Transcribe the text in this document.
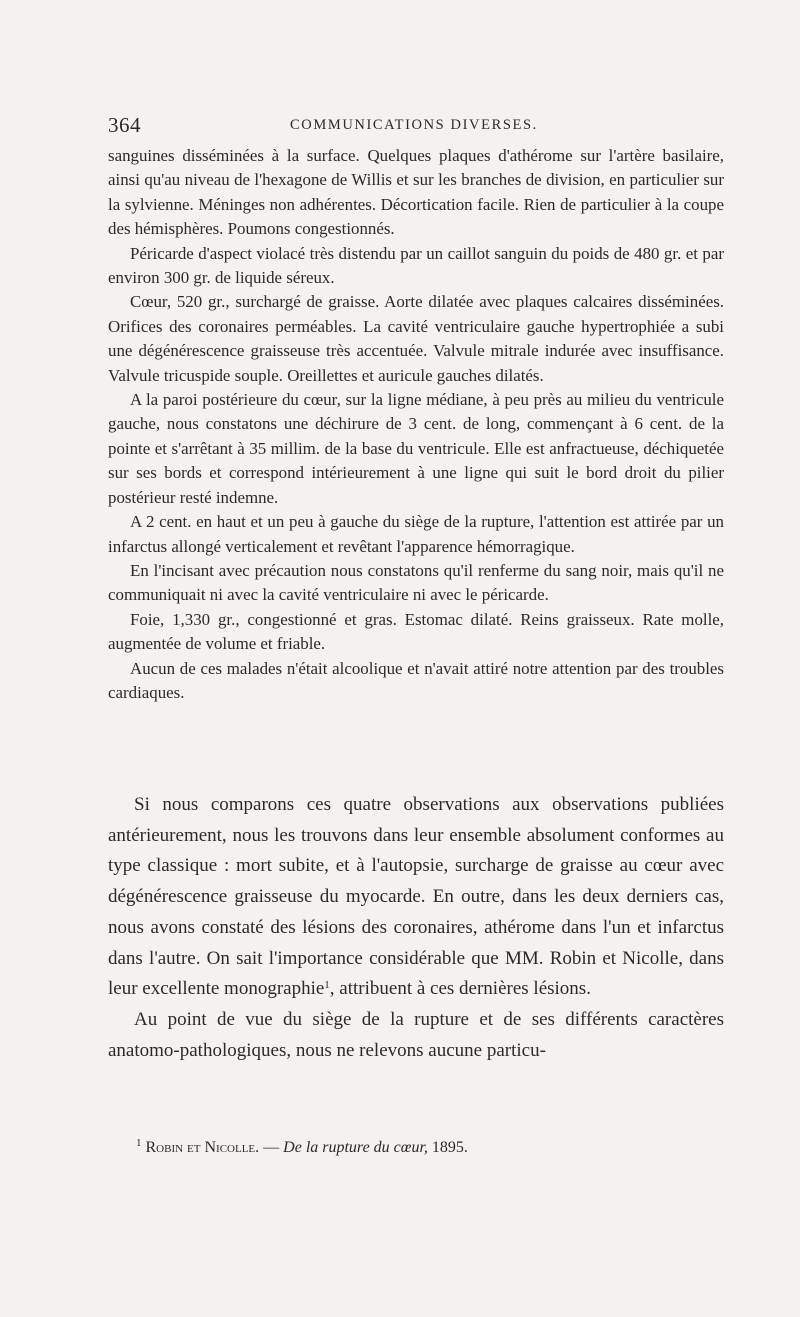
364	COMMUNICATIONS DIVERSES.

sanguines disséminées à la surface. Quelques plaques d'athérome sur l'artère basilaire, ainsi qu'au niveau de l'hexagone de Willis et sur les branches de division, en particulier sur la sylvienne. Méninges non adhérentes. Décortication facile. Rien de particulier à la coupe des hémisphères. Poumons congestionnés.

Péricarde d'aspect violacé très distendu par un caillot sanguin du poids de 480 gr. et par environ 300 gr. de liquide séreux.

Cœur, 520 gr., surchargé de graisse. Aorte dilatée avec plaques calcaires disséminées. Orifices des coronaires perméables. La cavité ventriculaire gauche hypertrophiée a subi une dégénérescence graisseuse très accentuée. Valvule mitrale indurée avec insuffisance. Valvule tricuspide souple. Oreillettes et auricule gauches dilatés.

A la paroi postérieure du cœur, sur la ligne médiane, à peu près au milieu du ventricule gauche, nous constatons une déchirure de 3 cent. de long, commençant à 6 cent. de la pointe et s'arrêtant à 35 millim. de la base du ventricule. Elle est anfractueuse, déchiquetée sur ses bords et correspond intérieurement à une ligne qui suit le bord droit du pilier postérieur resté indemne.

A 2 cent. en haut et un peu à gauche du siège de la rupture, l'attention est attirée par un infarctus allongé verticalement et revêtant l'apparence hémorragique.

En l'incisant avec précaution nous constatons qu'il renferme du sang noir, mais qu'il ne communiquait ni avec la cavité ventriculaire ni avec le péricarde.

Foie, 1,330 gr., congestionné et gras. Estomac dilaté. Reins graisseux. Rate molle, augmentée de volume et friable.

Aucun de ces malades n'était alcoolique et n'avait attiré notre attention par des troubles cardiaques.

Si nous comparons ces quatre observations aux observations publiées antérieurement, nous les trouvons dans leur ensemble absolument conformes au type classique : mort subite, et à l'autopsie, surcharge de graisse au cœur avec dégénérescence graisseuse du myocarde. En outre, dans les deux derniers cas, nous avons constaté des lésions des coronaires, athérome dans l'un et infarctus dans l'autre. On sait l'importance considérable que MM. Robin et Nicolle, dans leur excellente monographie$^1$, attribuent à ces dernières lésions.

Au point de vue du siège de la rupture et de ses différents caractères anatomo-pathologiques, nous ne relevons aucune particu-

$^1$ Robin et Nicolle. — De la rupture du cœur, 1895.
